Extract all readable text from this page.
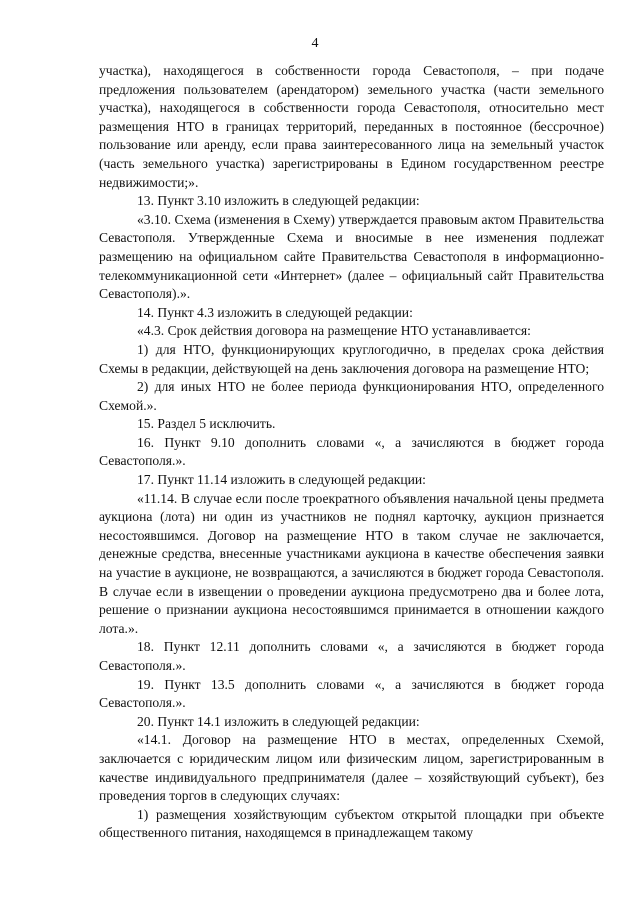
4

участка), находящегося в собственности города Севастополя, – при подаче предложения пользователем (арендатором) земельного участка (части земельного участка), находящегося в собственности города Севастополя, относительно мест размещения НТО в границах территорий, переданных в постоянное (бессрочное) пользование или аренду, если права заинтересованного лица на земельный участок (часть земельного участка) зарегистрированы в Едином государственном реестре недвижимости;».

13. Пункт 3.10 изложить в следующей редакции:

«3.10. Схема (изменения в Схему) утверждается правовым актом Правительства Севастополя. Утвержденные Схема и вносимые в нее изменения подлежат размещению на официальном сайте Правительства Севастополя в информационно-телекоммуникационной сети «Интернет» (далее – официальный сайт Правительства Севастополя).».

14. Пункт 4.3 изложить в следующей редакции:

«4.3. Срок действия договора на размещение НТО устанавливается:

1) для НТО, функционирующих круглогодично, в пределах срока действия Схемы в редакции, действующей на день заключения договора на размещение НТО;

2) для иных НТО не более периода функционирования НТО, определенного Схемой.».

15. Раздел 5 исключить.

16. Пункт 9.10 дополнить словами «, а зачисляются в бюджет города Севастополя.».

17. Пункт 11.14 изложить в следующей редакции:

«11.14. В случае если после троекратного объявления начальной цены предмета аукциона (лота) ни один из участников не поднял карточку, аукцион признается несостоявшимся. Договор на размещение НТО в таком случае не заключается, денежные средства, внесенные участниками аукциона в качестве обеспечения заявки на участие в аукционе, не возвращаются, а зачисляются в бюджет города Севастополя. В случае если в извещении о проведении аукциона предусмотрено два и более лота, решение о признании аукциона несостоявшимся принимается в отношении каждого лота.».

18. Пункт 12.11 дополнить словами «, а зачисляются в бюджет города Севастополя.».

19. Пункт 13.5 дополнить словами «, а зачисляются в бюджет города Севастополя.».

20. Пункт 14.1 изложить в следующей редакции:

«14.1. Договор на размещение НТО в местах, определенных Схемой, заключается с юридическим лицом или физическим лицом, зарегистрированным в качестве индивидуального предпринимателя (далее – хозяйствующий субъект), без проведения торгов в следующих случаях:

1) размещения хозяйствующим субъектом открытой площадки при объекте общественного питания, находящемся в принадлежащем такому
